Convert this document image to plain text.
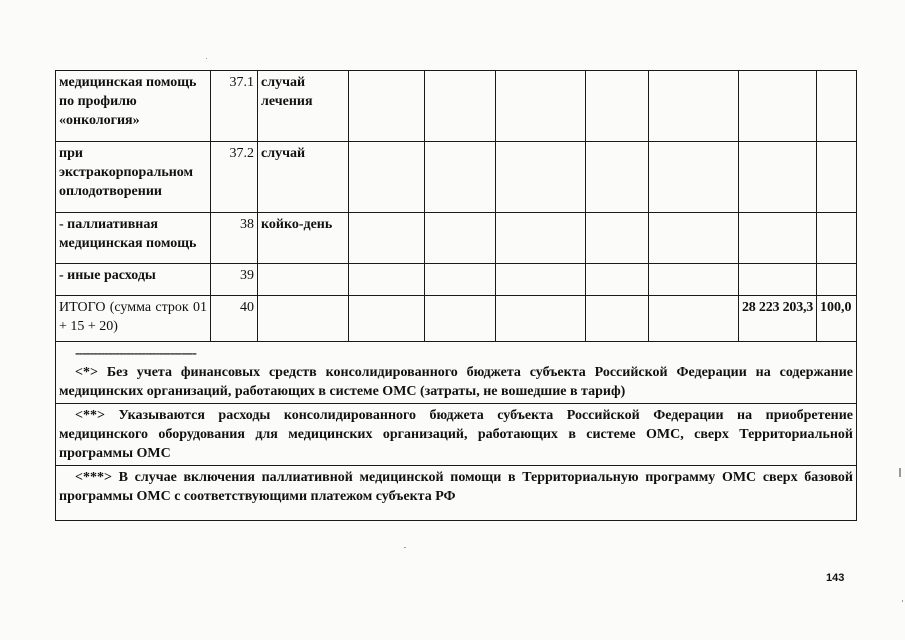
медицинская помощь по профилю «онкология»	37.1	случай лечения							
при экстракорпоральном оплодотворении	37.2	случай							
- паллиативная медицинская помощь	38	койко-день							
- иные расходы	39								
ИТОГО (сумма строк 01 + 15 + 20)	40							28 223 203,3	100,0

---------------------------------
<*> Без учета финансовых средств консолидированного бюджета субъекта Российской Федерации на содержание медицинских организаций, работающих в системе ОМС (затраты, не вошедшие в тариф)									

<**> Указываются расходы консолидированного бюджета субъекта Российской Федерации на приобретение медицинского оборудования для медицинских организаций, работающих в системе ОМС, сверх Территориальной программы ОМС									

<***> В случае включения паллиативной медицинской помощи в Территориальную программу ОМС сверх базовой программы ОМС с соответствующими платежом субъекта РФ									
143
